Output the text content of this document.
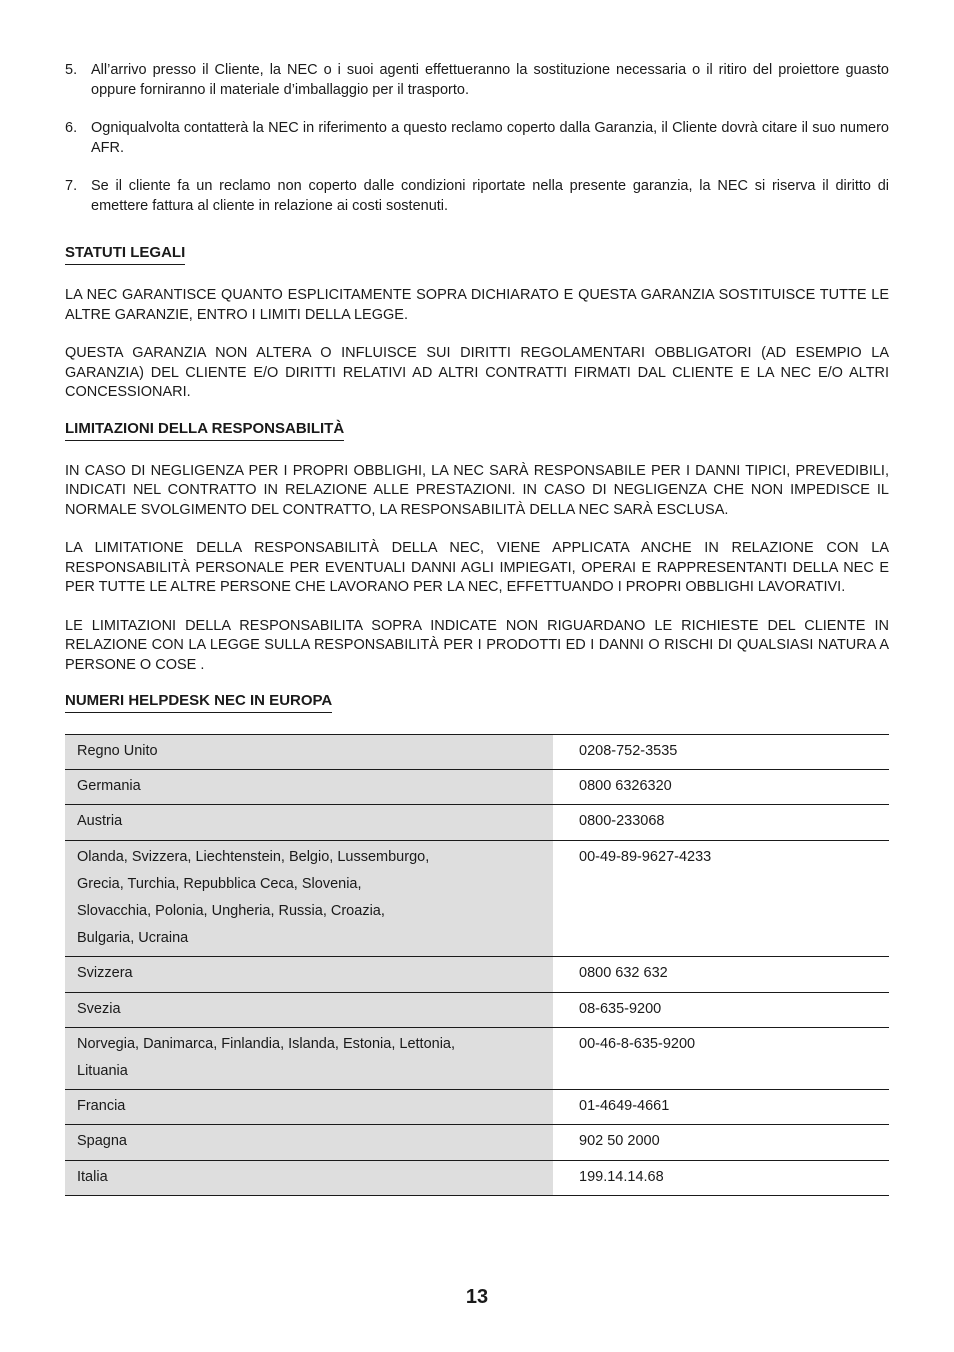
5. All’arrivo presso il Cliente, la NEC o i suoi agenti effettueranno la sostituzione necessaria o il ritiro del proiettore guasto oppure forniranno il materiale d’imballaggio per il trasporto.
6. Ogniqualvolta contatterà la NEC in riferimento a questo reclamo coperto dalla Garanzia, il Cliente dovrà citare il suo numero AFR.
7. Se il cliente fa un reclamo non coperto dalle condizioni riportate nella presente garanzia, la NEC si riserva il diritto di emettere fattura al cliente in relazione ai costi sostenuti.
STATUTI LEGALI

LA NEC GARANTISCE QUANTO ESPLICITAMENTE SOPRA DICHIARATO E QUESTA GARANZIA SOSTITUISCE TUTTE LE ALTRE GARANZIE, ENTRO I LIMITI DELLA LEGGE.

QUESTA GARANZIA NON ALTERA O INFLUISCE SUI DIRITTI REGOLAMENTARI OBBLIGATORI (AD ESEMPIO LA GARANZIA) DEL CLIENTE E/O DIRITTI RELATIVI AD ALTRI CONTRATTI FIRMATI DAL CLIENTE E LA NEC E/O ALTRI CONCESSIONARI.

LIMITAZIONI DELLA RESPONSABILITÀ

IN CASO DI NEGLIGENZA PER I PROPRI OBBLIGHI, LA NEC SARÀ RESPONSABILE PER I DANNI TIPICI, PREVEDIBILI, INDICATI NEL CONTRATTO IN RELAZIONE ALLE PRESTAZIONI. IN CASO DI NEGLIGENZA CHE NON IMPEDISCE IL NORMALE SVOLGIMENTO DEL CONTRATTO, LA RESPONSABILITÀ DELLA NEC SARÀ ESCLUSA.

LA LIMITATIONE DELLA RESPONSABILITÀ DELLA NEC, VIENE APPLICATA ANCHE IN RELAZIONE CON LA RESPONSABILITÀ PERSONALE PER EVENTUALI DANNI AGLI IMPIEGATI, OPERAI E RAPPRESENTANTI DELLA NEC E PER TUTTE LE ALTRE PERSONE CHE LAVORANO PER LA NEC, EFFETTUANDO I PROPRI OBBLIGHI LAVORATIVI.

LE LIMITAZIONI DELLA RESPONSABILITA SOPRA INDICATE NON RIGUARDANO LE RICHIESTE DEL CLIENTE IN RELAZIONE CON LA LEGGE SULLA RESPONSABILITÀ PER I PRODOTTI ED I DANNI O RISCHI DI QUALSIASI NATURA A PERSONE O COSE .

NUMERI HELPDESK NEC IN EUROPA
Regno Unito	0208-752-3535

Germania	0800 6326320

Austria	0800-233068

Olanda, Svizzera, Liechtenstein, Belgio, Lussemburgo,
Grecia, Turchia, Repubblica Ceca, Slovenia,
Slovacchia, Polonia, Ungheria, Russia, Croazia,
Bulgaria, Ucraina	00-49-89-9627-4233

Svizzera	0800 632 632

Svezia	08-635-9200

Norvegia, Danimarca, Finlandia, Islanda, Estonia, Lettonia,
Lituania	00-46-8-635-9200

Francia	01-4649-4661

Spagna	902 50 2000

Italia	199.14.14.68
13
